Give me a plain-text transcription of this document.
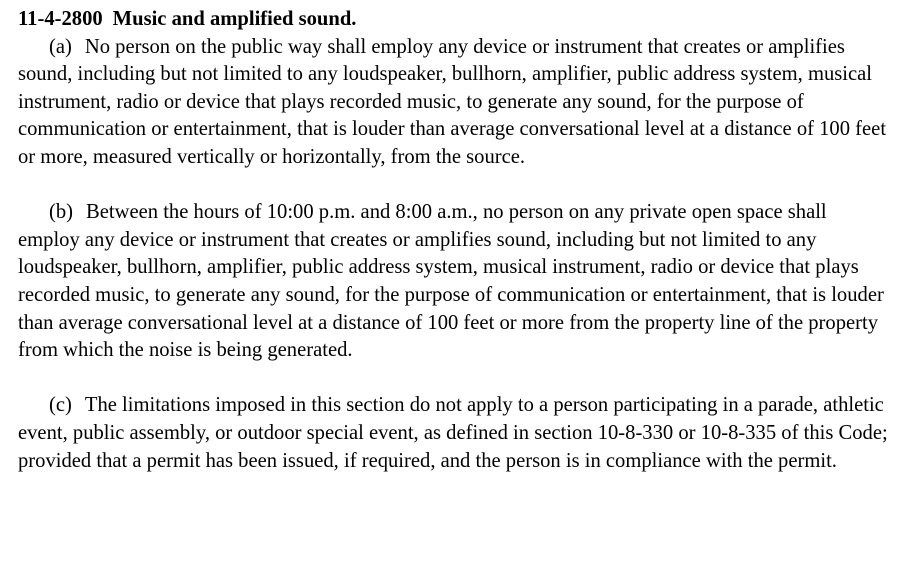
11-4-2800 Music and amplified sound.

(a) No person on the public way shall employ any device or instrument that creates or amplifies sound, including but not limited to any loudspeaker, bullhorn, amplifier, public address system, musical instrument, radio or device that plays recorded music, to generate any sound, for the purpose of communication or entertainment, that is louder than average conversational level at a distance of 100 feet or more, measured vertically or horizontally, from the source.

(b) Between the hours of 10:00 p.m. and 8:00 a.m., no person on any private open space shall employ any device or instrument that creates or amplifies sound, including but not limited to any loudspeaker, bullhorn, amplifier, public address system, musical instrument, radio or device that plays recorded music, to generate any sound, for the purpose of communication or entertainment, that is louder than average conversational level at a distance of 100 feet or more from the property line of the property from which the noise is being generated.

(c) The limitations imposed in this section do not apply to a person participating in a parade, athletic event, public assembly, or outdoor special event, as defined in section 10-8-330 or 10-8-335 of this Code; provided that a permit has been issued, if required, and the person is in compliance with the permit.
